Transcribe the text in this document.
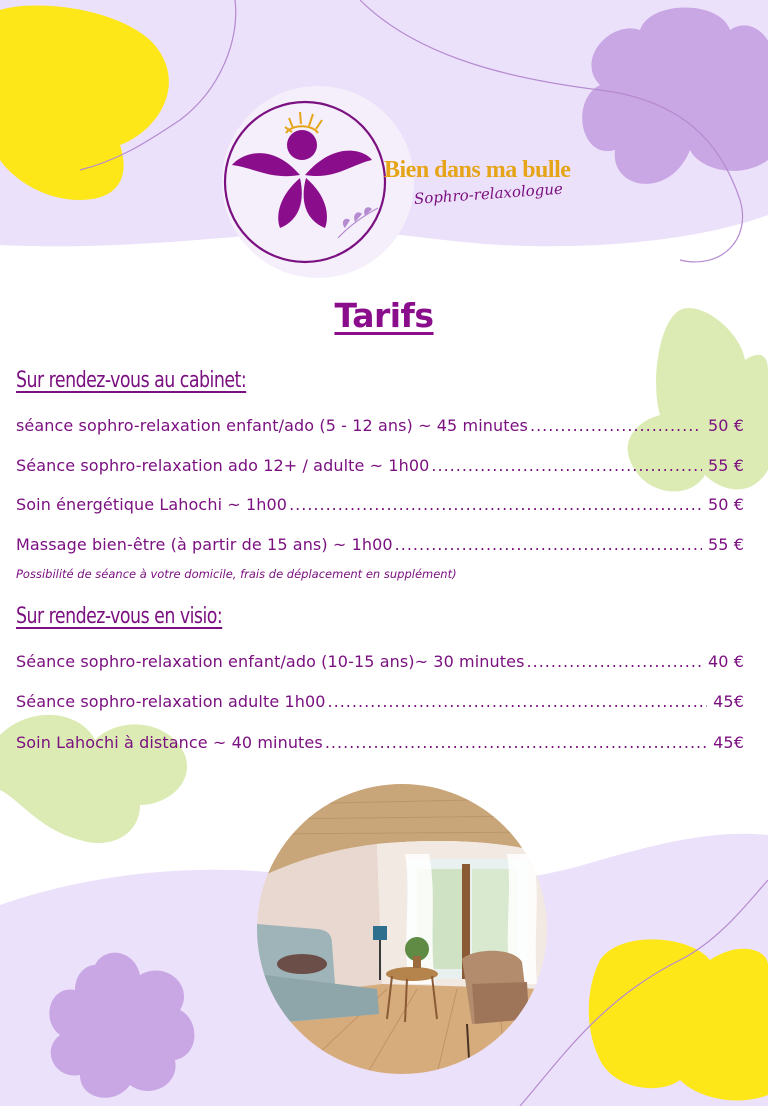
Bien dans ma bulle
Sophro-relaxologue
Tarifs
Sur rendez-vous au cabinet:
séance sophro-relaxation enfant/ado (5 - 12 ans) ~ 45 minutes .....	50 €
Séance sophro-relaxation ado 12+ / adulte ~ 1h00 .....	55 €
Soin énergétique Lahochi ~ 1h00 .....	50 €
Massage bien-être (à partir de 15 ans) ~ 1h00 .....	55 €
Possibilité de séance à votre domicile, frais de déplacement en supplément)
Sur rendez-vous en visio:
Séance sophro-relaxation enfant/ado (10-15 ans)~ 30 minutes .....	40 €
Séance sophro-relaxation adulte 1h00 .....	45€
Soin Lahochi à distance ~ 40 minutes .....	45€
